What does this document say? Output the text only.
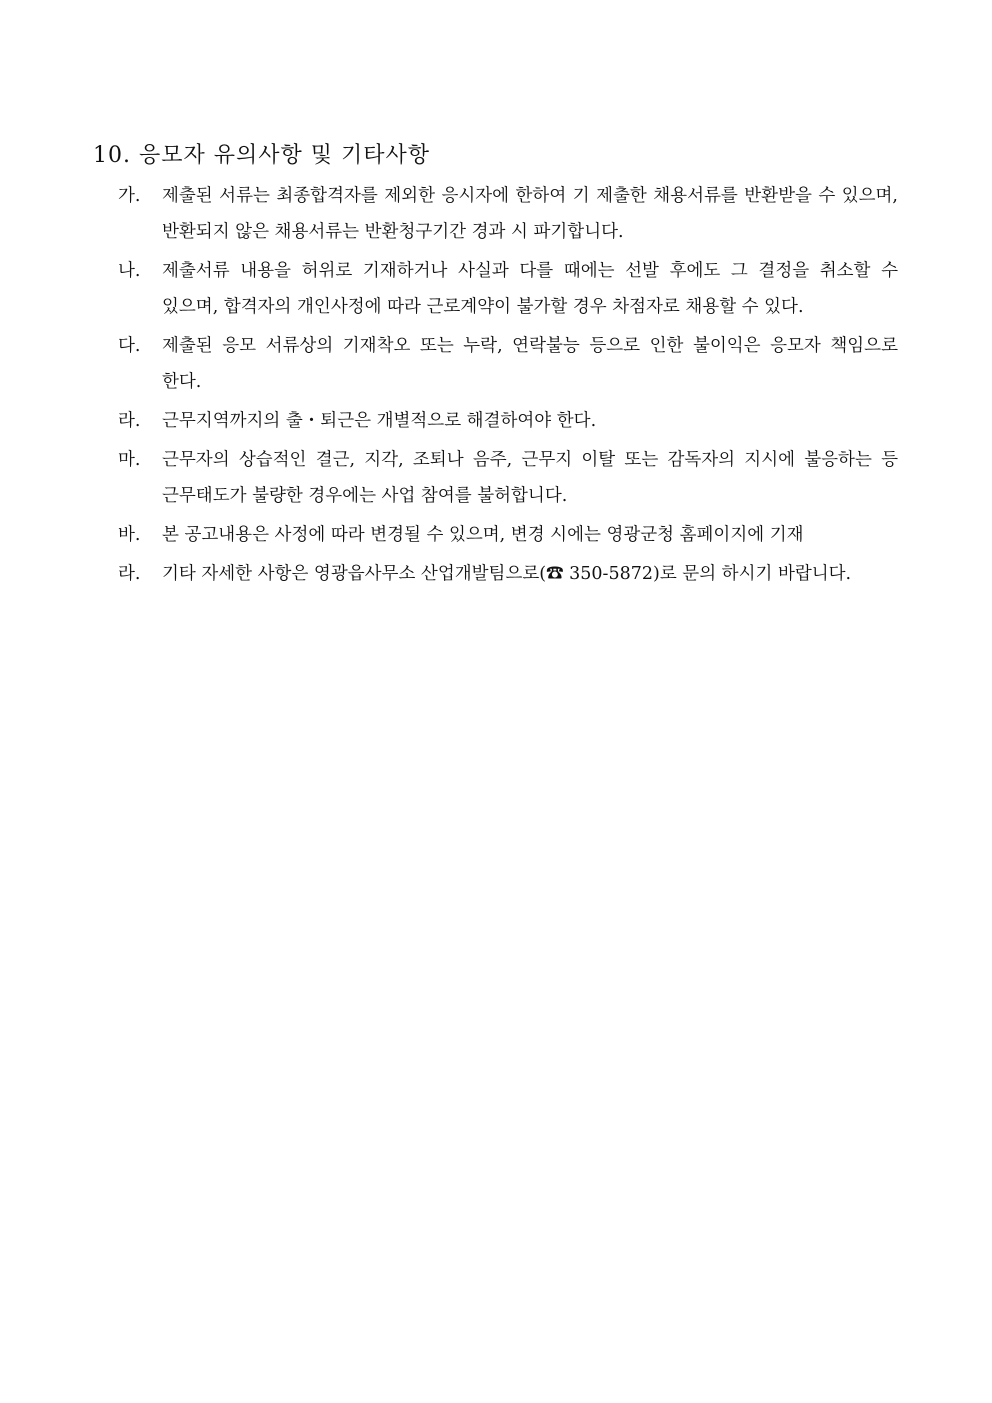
10. 응모자 유의사항 및 기타사항
가.	제출된 서류는 최종합격자를 제외한 응시자에 한하여 기 제출한 채용서류를 반환받을 수 있으며, 반환되지 않은 채용서류는 반환청구기간 경과 시 파기합니다.
나.	제출서류 내용을 허위로 기재하거나 사실과 다를 때에는 선발 후에도 그 결정을 취소할 수 있으며, 합격자의 개인사정에 따라 근로계약이 불가할 경우 차점자로 채용할 수 있다.
다.	제출된 응모 서류상의 기재착오 또는 누락, 연락불능 등으로 인한 불이익은 응모자 책임으로 한다.
라.	근무지역까지의 출・퇴근은 개별적으로 해결하여야 한다.
마.	근무자의 상습적인 결근, 지각, 조퇴나 음주, 근무지 이탈 또는 감독자의 지시에 불응하는 등 근무태도가 불량한 경우에는 사업 참여를 불허합니다.
바.	본 공고내용은 사정에 따라 변경될 수 있으며, 변경 시에는 영광군청 홈페이지에 기재
라.	기타 자세한 사항은 영광읍사무소 산업개발팀으로(☎ 350-5872)로 문의 하시기 바랍니다.
